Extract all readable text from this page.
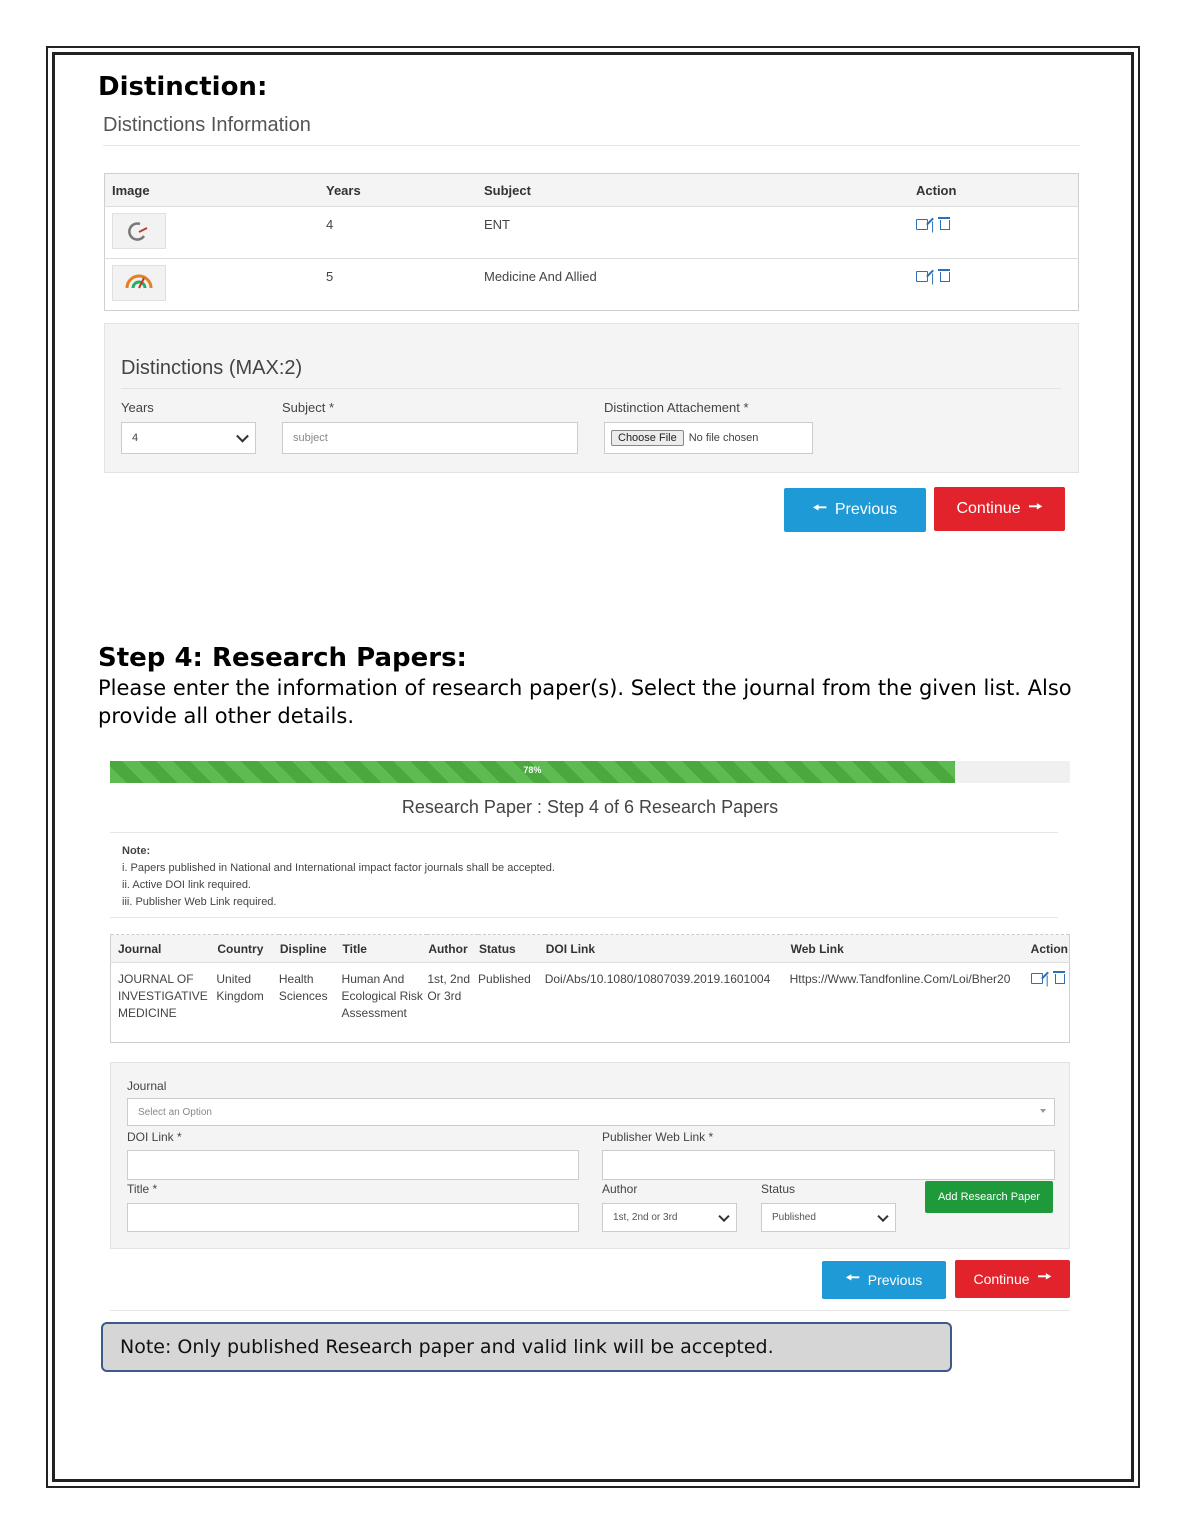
Distinction:
Distinctions Information
Image	Years	Subject	Action
	4	ENT	|
	5	Medicine And Allied	|
Distinctions (MAX:2)
Years
4
Subject *
subject
Distinction Attachement *
Choose File	No file chosen
🠔 Previous	Continue 🠖
Step 4: Research Papers:
Please enter the information of research paper(s). Select the journal from the given list. Also provide all other details.
78%
Research Paper : Step 4 of 6 Research Papers
Note:
i. Papers published in National and International impact factor journals shall be accepted.
ii. Active DOI link required.
iii. Publisher Web Link required.
Journal	Country	Displine	Title	Author	Status	DOI Link	Web Link	Action
JOURNAL OF INVESTIGATIVE MEDICINE	United Kingdom	Health Sciences	Human And Ecological Risk Assessment	1st, 2nd Or 3rd	Published	Doi/Abs/10.1080/10807039.2019.1601004	Https://Www.Tandfonline.Com/Loi/Bher20	|
Journal
Select an Option
DOI Link *	Publisher Web Link *
Title *	Author
1st, 2nd or 3rd
Status
Published
Add Research Paper
🠔 Previous	Continue 🠖
Note: Only published Research paper and valid link will be accepted.
